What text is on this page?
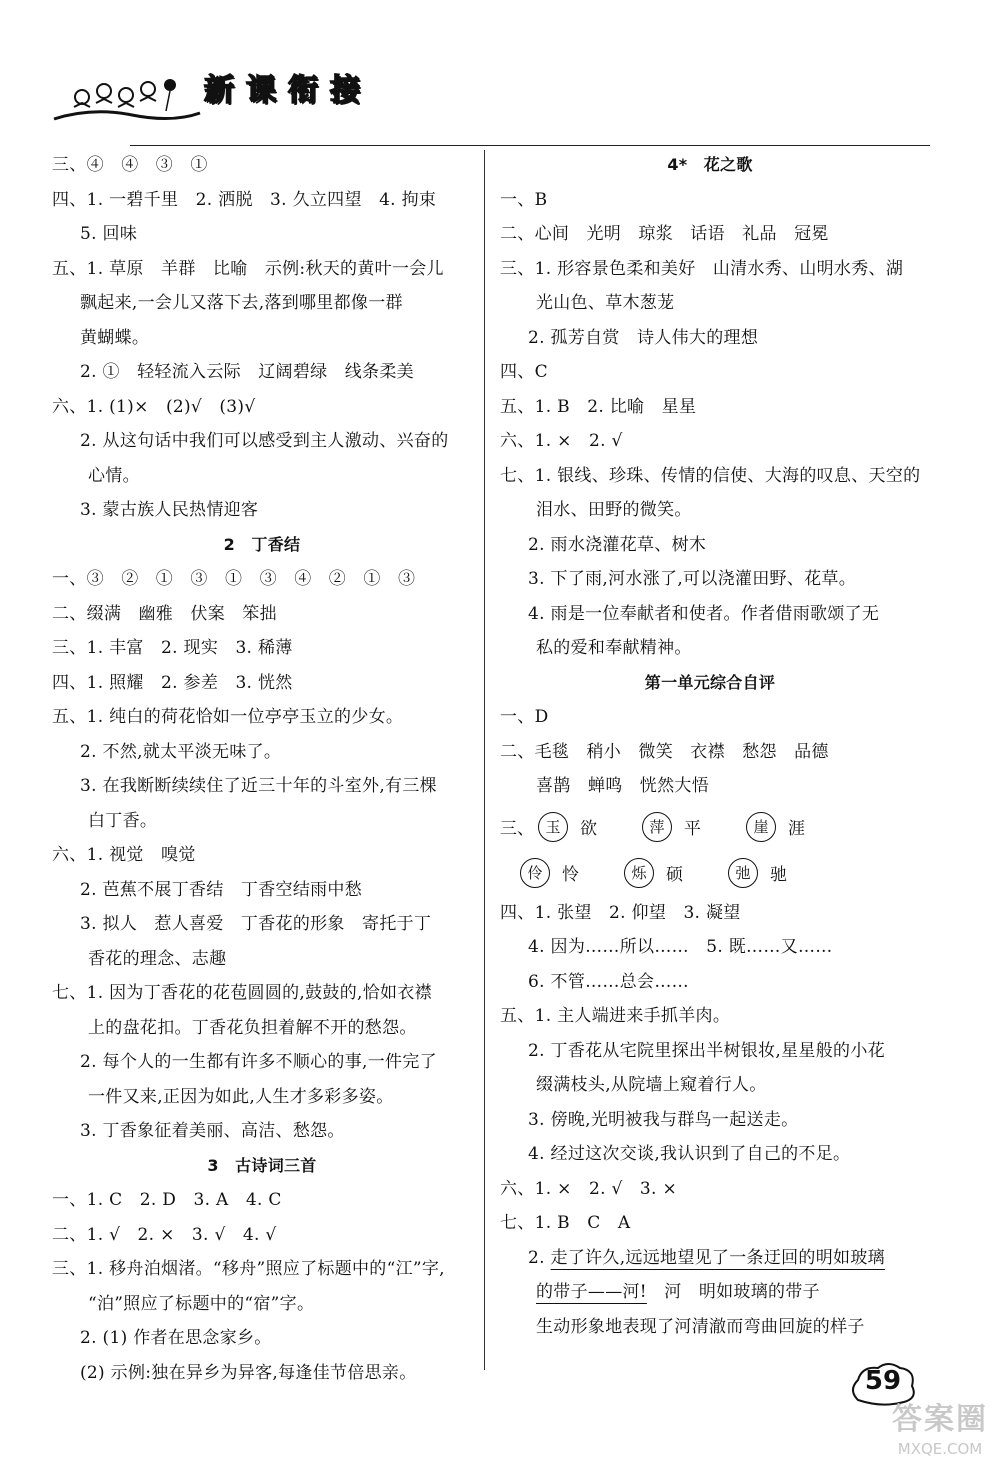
新 课 衔 接
三、④　④　③　①
四、1. 一碧千里　2. 洒脱　3. 久立四望　4. 拘束
5. 回味
五、1. 草原　羊群　比喻　示例:秋天的黄叶一会儿
飘起来,一会儿又落下去,落到哪里都像一群
黄蝴蝶。
2. ①　轻轻流入云际　辽阔碧绿　线条柔美
六、1. (1)×　(2)√　(3)√
2. 从这句话中我们可以感受到主人激动、兴奋的
心情。
3. 蒙古族人民热情迎客
2　丁香结
一、③　②　①　③　①　③　④　②　①　③
二、缀满　幽雅　伏案　笨拙
三、1. 丰富　2. 现实　3. 稀薄
四、1. 照耀　2. 参差　3. 恍然
五、1. 纯白的荷花恰如一位亭亭玉立的少女。
2. 不然,就太平淡无味了。
3. 在我断断续续住了近三十年的斗室外,有三棵
白丁香。
六、1. 视觉　嗅觉
2. 芭蕉不展丁香结　丁香空结雨中愁
3. 拟人　惹人喜爱　丁香花的形象　寄托于丁
香花的理念、志趣
七、1. 因为丁香花的花苞圆圆的,鼓鼓的,恰如衣襟
上的盘花扣。丁香花负担着解不开的愁怨。
2. 每个人的一生都有许多不顺心的事,一件完了
一件又来,正因为如此,人生才多彩多姿。
3. 丁香象征着美丽、高洁、愁怨。
3　古诗词三首
一、1. C　2. D　3. A　4. C
二、1. √　2. ×　3. √　4. √
三、1. 移舟泊烟渚。“移舟”照应了标题中的“江”字,
“泊”照应了标题中的“宿”字。
2. (1) 作者在思念家乡。
(2) 示例:独在异乡为异客,每逢佳节倍思亲。
4*　花之歌
一、B
二、心间　光明　琼浆　话语　礼品　冠冕
三、1. 形容景色柔和美好　山清水秀、山明水秀、湖
光山色、草木葱茏
2. 孤芳自赏　诗人伟大的理想
四、C
五、1. B　2. 比喻　星星
六、1. ×　2. √
七、1. 银线、珍珠、传情的信使、大海的叹息、天空的
泪水、田野的微笑。
2. 雨水浇灌花草、树木
3. 下了雨,河水涨了,可以浇灌田野、花草。
4. 雨是一位奉献者和使者。作者借雨歌颂了无
私的爱和奉献精神。
第一单元综合自评
一、D
二、毛毯　稍小　微笑　衣襟　愁怨　品德
喜鹊　蝉鸣　恍然大悟
三、 玉	欲	萍	平	崖	涯
伶	怜	烁	硕	弛	驰
四、1. 张望　2. 仰望　3. 凝望
4. 因为……所以……　5. 既……又……
6. 不管……总会……
五、1. 主人端进来手抓羊肉。
2. 丁香花从宅院里探出半树银妆,星星般的小花
缀满枝头,从院墙上窥着行人。
3. 傍晚,光明被我与群鸟一起送走。
4. 经过这次交谈,我认识到了自己的不足。
六、1. ×　2. √　3. ×
七、1. B　C　A
2. 走了许久,远远地望见了一条迂回的明如玻璃
的带子——河!　河　明如玻璃的带子
生动形象地表现了河清澈而弯曲回旋的样子
59
答案圈
MXQE.COM
